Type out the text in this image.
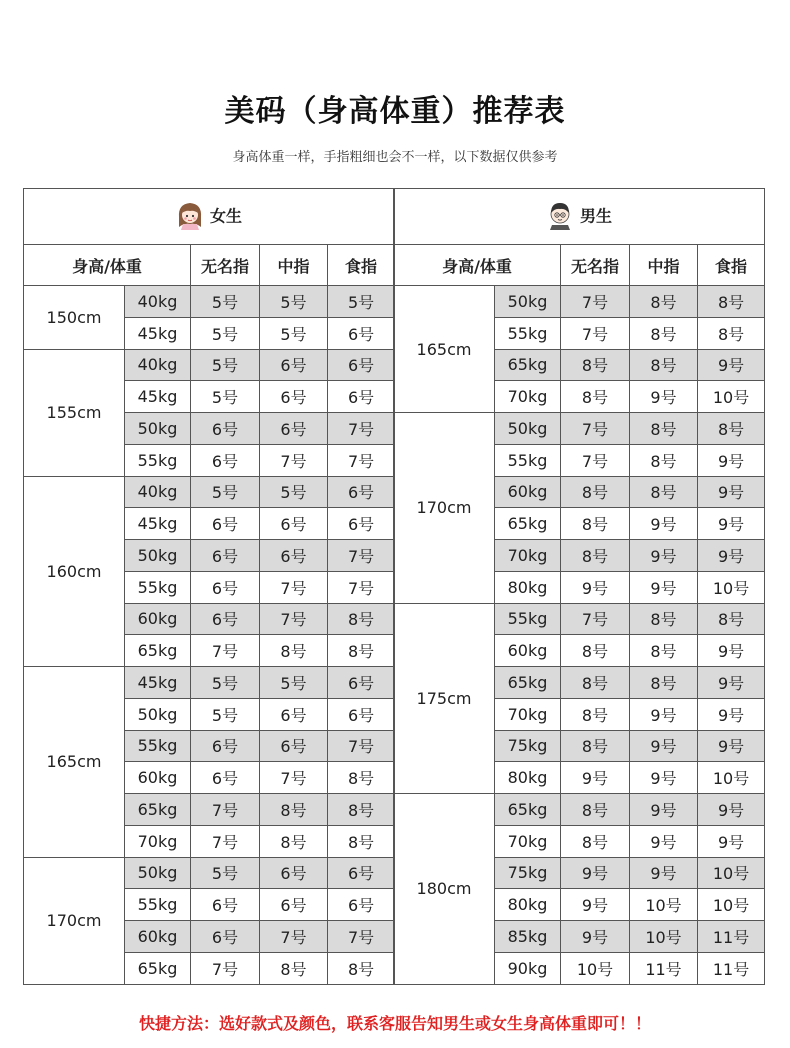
美码（身高体重）推荐表
身高体重一样，手指粗细也会不一样，以下数据仅供参考
女生				
身高/体重		无名指	中指	食指
150cm	40kg	5号	5号	5号
	45kg	5号	5号	6号
155cm	40kg	5号	6号	6号
	45kg	5号	6号	6号
	50kg	6号	6号	7号
	55kg	6号	7号	7号
160cm	40kg	5号	5号	6号
	45kg	6号	6号	6号
	50kg	6号	6号	7号
	55kg	6号	7号	7号
	60kg	6号	7号	8号
	65kg	7号	8号	8号
165cm	45kg	5号	5号	6号
	50kg	5号	6号	6号
	55kg	6号	6号	7号
	60kg	6号	7号	8号
	65kg	7号	8号	8号
	70kg	7号	8号	8号
170cm	50kg	5号	6号	6号
	55kg	6号	6号	6号
	60kg	6号	7号	7号
	65kg	7号	8号	8号
男生				
身高/体重		无名指	中指	食指
165cm	50kg	7号	8号	8号
	55kg	7号	8号	8号
	65kg	8号	8号	9号
	70kg	8号	9号	10号
170cm	50kg	7号	8号	8号
	55kg	7号	8号	9号
	60kg	8号	8号	9号
	65kg	8号	9号	9号
	70kg	8号	9号	9号
	80kg	9号	9号	10号
175cm	55kg	7号	8号	8号
	60kg	8号	8号	9号
	65kg	8号	8号	9号
	70kg	8号	9号	9号
	75kg	8号	9号	9号
	80kg	9号	9号	10号
180cm	65kg	8号	9号	9号
	70kg	8号	9号	9号
	75kg	9号	9号	10号
	80kg	9号	10号	10号
	85kg	9号	10号	11号
	90kg	10号	11号	11号
快捷方法：选好款式及颜色，联系客服告知男生或女生身高体重即可！！
